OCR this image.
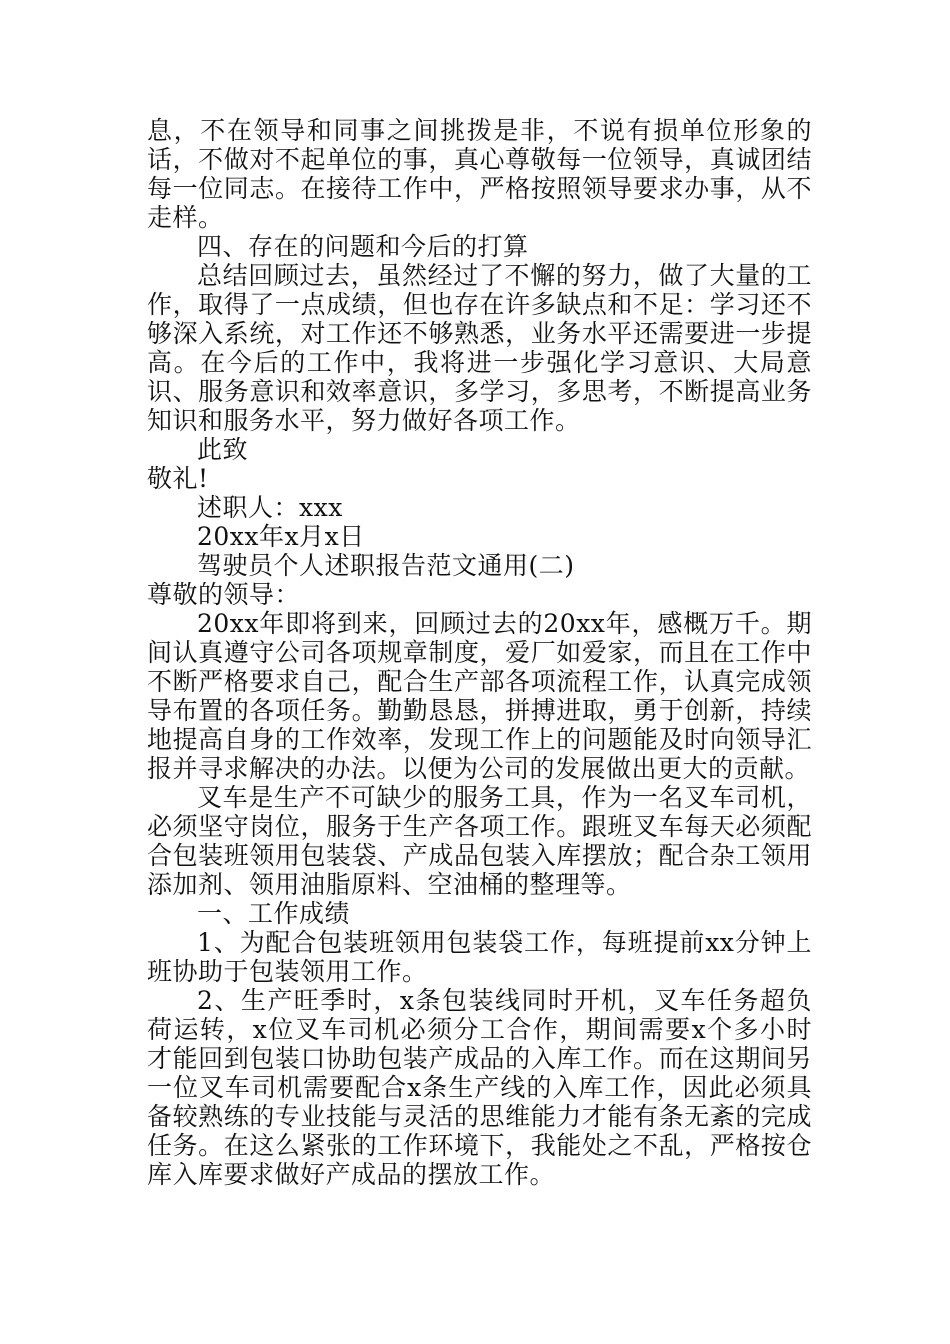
息，不在领导和同事之间挑拨是非，不说有损单位形象的话，不做对不起单位的事，真心尊敬每一位领导，真诚团结每一位同志。在接待工作中，严格按照领导要求办事，从不走样。

四、存在的问题和今后的打算

总结回顾过去，虽然经过了不懈的努力，做了大量的工作，取得了一点成绩，但也存在许多缺点和不足：学习还不够深入系统，对工作还不够熟悉，业务水平还需要进一步提高。在今后的工作中，我将进一步强化学习意识、大局意识、服务意识和效率意识，多学习，多思考，不断提高业务知识和服务水平，努力做好各项工作。

此致

敬礼!

述职人：xxx

20xx年x月x日

驾驶员个人述职报告范文通用(二)

尊敬的领导：

20xx年即将到来，回顾过去的20xx年，感概万千。期间认真遵守公司各项规章制度，爱厂如爱家，而且在工作中不断严格要求自己，配合生产部各项流程工作，认真完成领导布置的各项任务。勤勤恳恳，拼搏进取，勇于创新，持续地提高自身的工作效率，发现工作上的问题能及时向领导汇报并寻求解决的办法。以便为公司的发展做出更大的贡献。

叉车是生产不可缺少的服务工具，作为一名叉车司机，必须坚守岗位，服务于生产各项工作。跟班叉车每天必须配合包装班领用包装袋、产成品包装入库摆放；配合杂工领用添加剂、领用油脂原料、空油桶的整理等。

一、工作成绩

1、为配合包装班领用包装袋工作，每班提前xx分钟上班协助于包装领用工作。

2、生产旺季时，x条包装线同时开机，叉车任务超负荷运转，x位叉车司机必须分工合作，期间需要x个多小时才能回到包装口协助包装产成品的入库工作。而在这期间另一位叉车司机需要配合x条生产线的入库工作，因此必须具备较熟练的专业技能与灵活的思维能力才能有条无紊的完成任务。在这么紧张的工作环境下，我能处之不乱，严格按仓库入库要求做好产成品的摆放工作。
